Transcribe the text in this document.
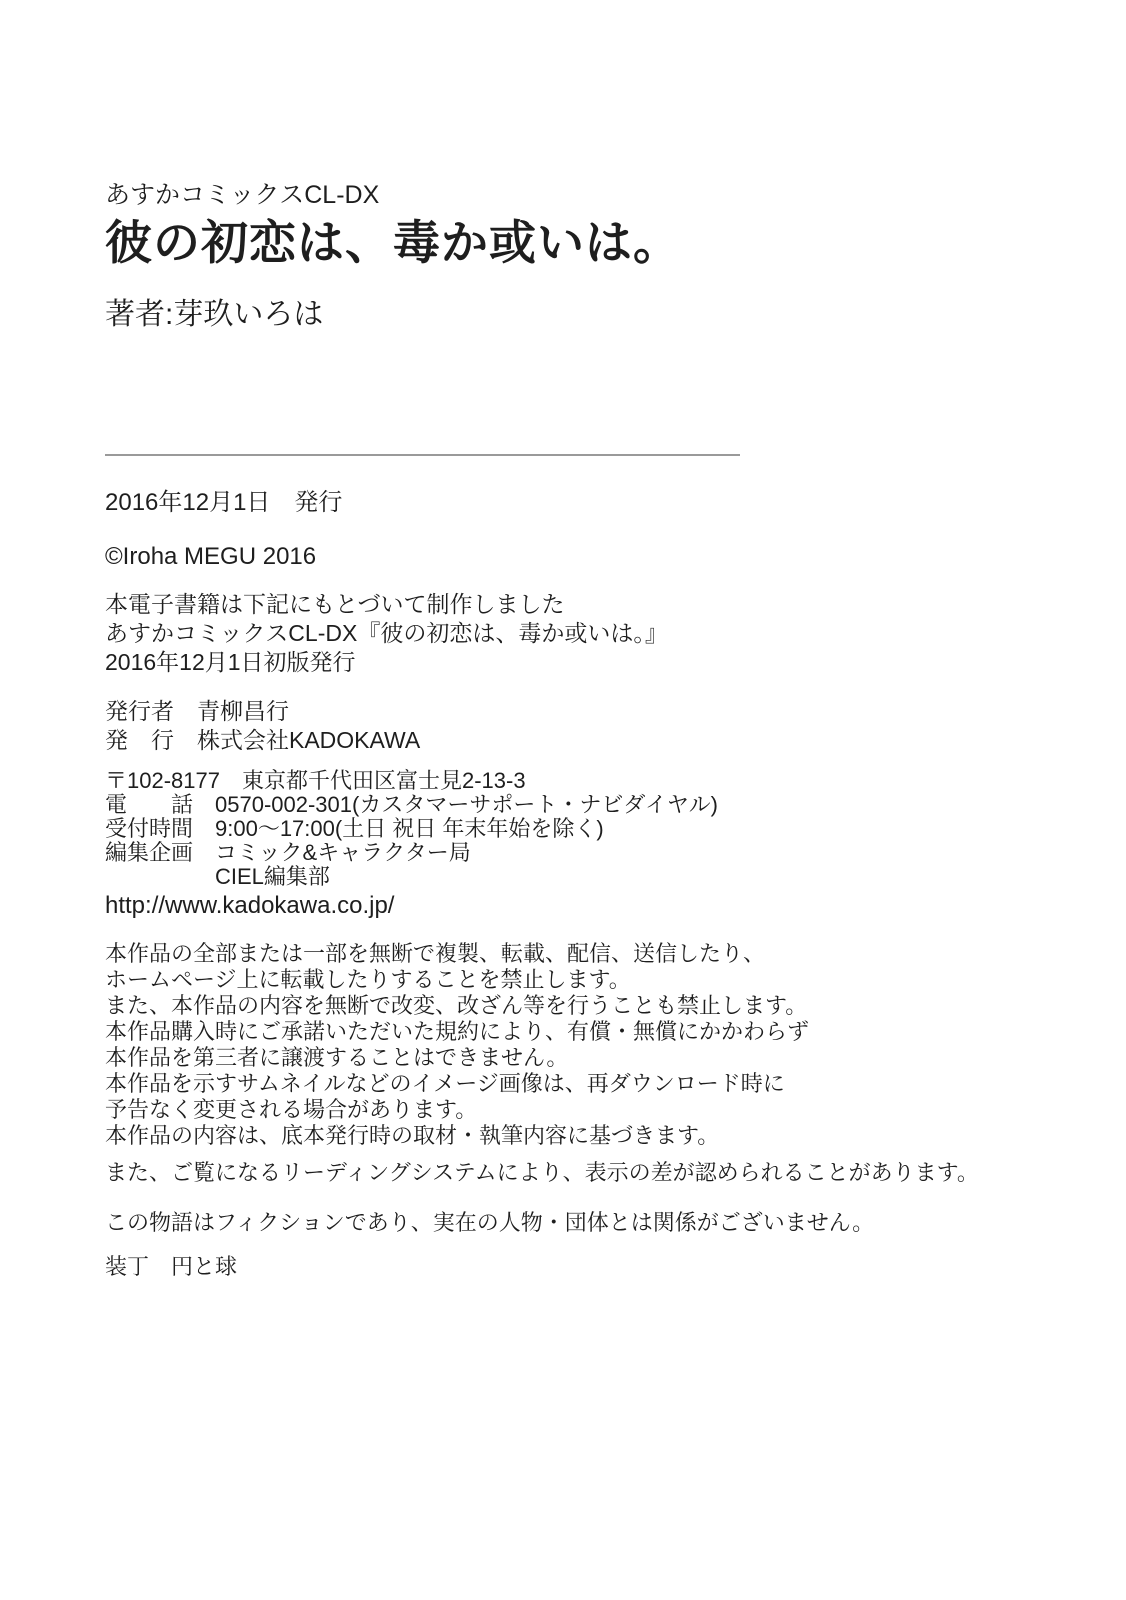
あすかコミックスCL-DX
彼の初恋は、毒か或いは。
著者:芽玖いろは
2016年12月1日　発行
©Iroha MEGU 2016
本電子書籍は下記にもとづいて制作しました
あすかコミックスCL-DX『彼の初恋は、毒か或いは。』
2016年12月1日初版発行
発行者　青柳昌行
発　行　株式会社KADOKAWA
〒102-8177　東京都千代田区富士見2-13-3
電　　話　0570-002-301(カスタマーサポート・ナビダイヤル)
受付時間　9:00～17:00(土日 祝日 年末年始を除く)
編集企画　コミック&キャラクター局
　　　　　CIEL編集部
http://www.kadokawa.co.jp/
本作品の全部または一部を無断で複製、転載、配信、送信したり、
ホームページ上に転載したりすることを禁止します。
また、本作品の内容を無断で改変、改ざん等を行うことも禁止します。
本作品購入時にご承諾いただいた規約により、有償・無償にかかわらず
本作品を第三者に譲渡することはできません。
本作品を示すサムネイルなどのイメージ画像は、再ダウンロード時に
予告なく変更される場合があります。
本作品の内容は、底本発行時の取材・執筆内容に基づきます。
また、ご覧になるリーディングシステムにより、表示の差が認められることがあります。
この物語はフィクションであり、実在の人物・団体とは関係がございません。
装丁　円と球
